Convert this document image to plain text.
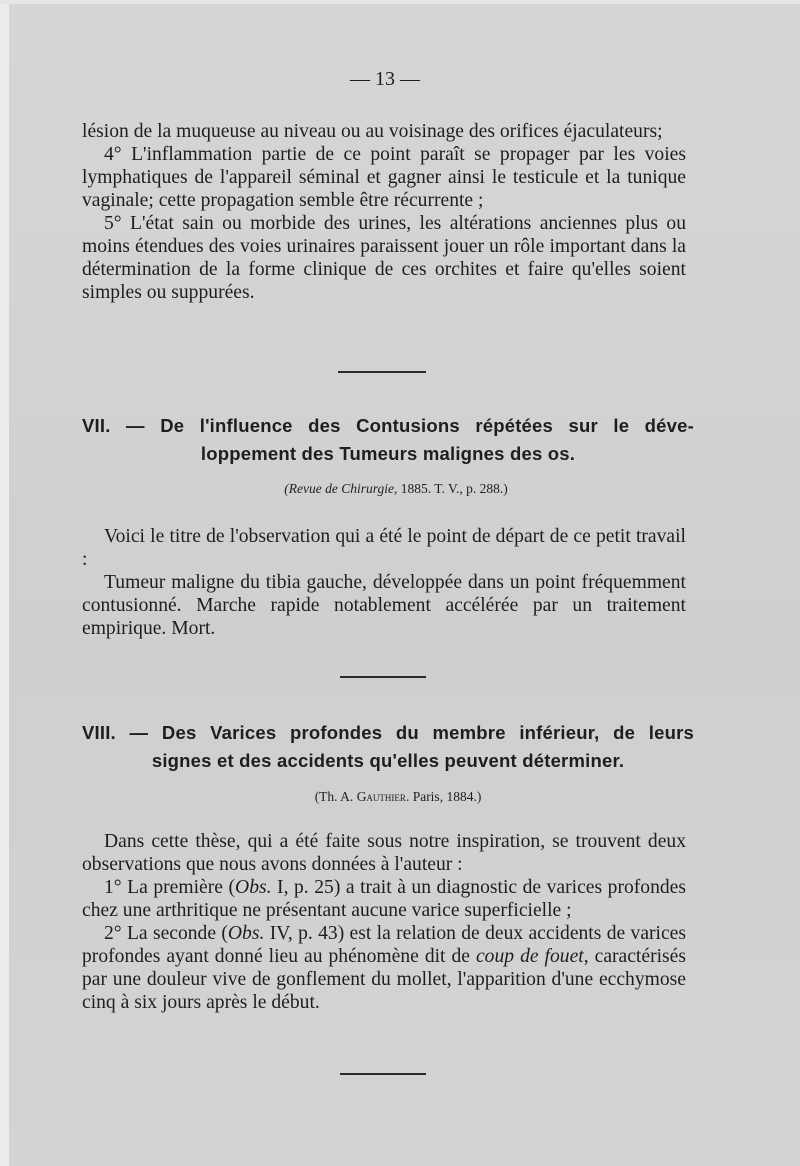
— 13 —

lésion de la muqueuse au niveau ou au voisinage des orifices éjaculateurs;

4° L'inflammation partie de ce point paraît se propager par les voies lymphatiques de l'appareil séminal et gagner ainsi le testicule et la tunique vaginale; cette propagation semble être récurrente ;

5° L'état sain ou morbide des urines, les altérations anciennes plus ou moins étendues des voies urinaires paraissent jouer un rôle important dans la détermination de la forme clinique de ces orchites et faire qu'elles soient simples ou suppurées.

VII. — De l'influence des Contusions répétées sur le déve-
loppement des Tumeurs malignes des os.
(Revue de Chirurgie, 1885. T. V., p. 288.)

Voici le titre de l'observation qui a été le point de départ de ce petit travail :

Tumeur maligne du tibia gauche, développée dans un point fréquemment contusionné. Marche rapide notablement accélérée par un traitement empirique. Mort.

VIII. — Des Varices profondes du membre inférieur, de leurs
signes et des accidents qu'elles peuvent déterminer.
(Th. A. Gauthier. Paris, 1884.)

Dans cette thèse, qui a été faite sous notre inspiration, se trouvent deux observations que nous avons données à l'auteur :

1° La première (Obs. I, p. 25) a trait à un diagnostic de varices profondes chez une arthritique ne présentant aucune varice superficielle ;

2° La seconde (Obs. IV, p. 43) est la relation de deux accidents de varices profondes ayant donné lieu au phénomène dit de coup de fouet, caractérisés par une douleur vive de gonflement du mollet, l'apparition d'une ecchymose cinq à six jours après le début.
